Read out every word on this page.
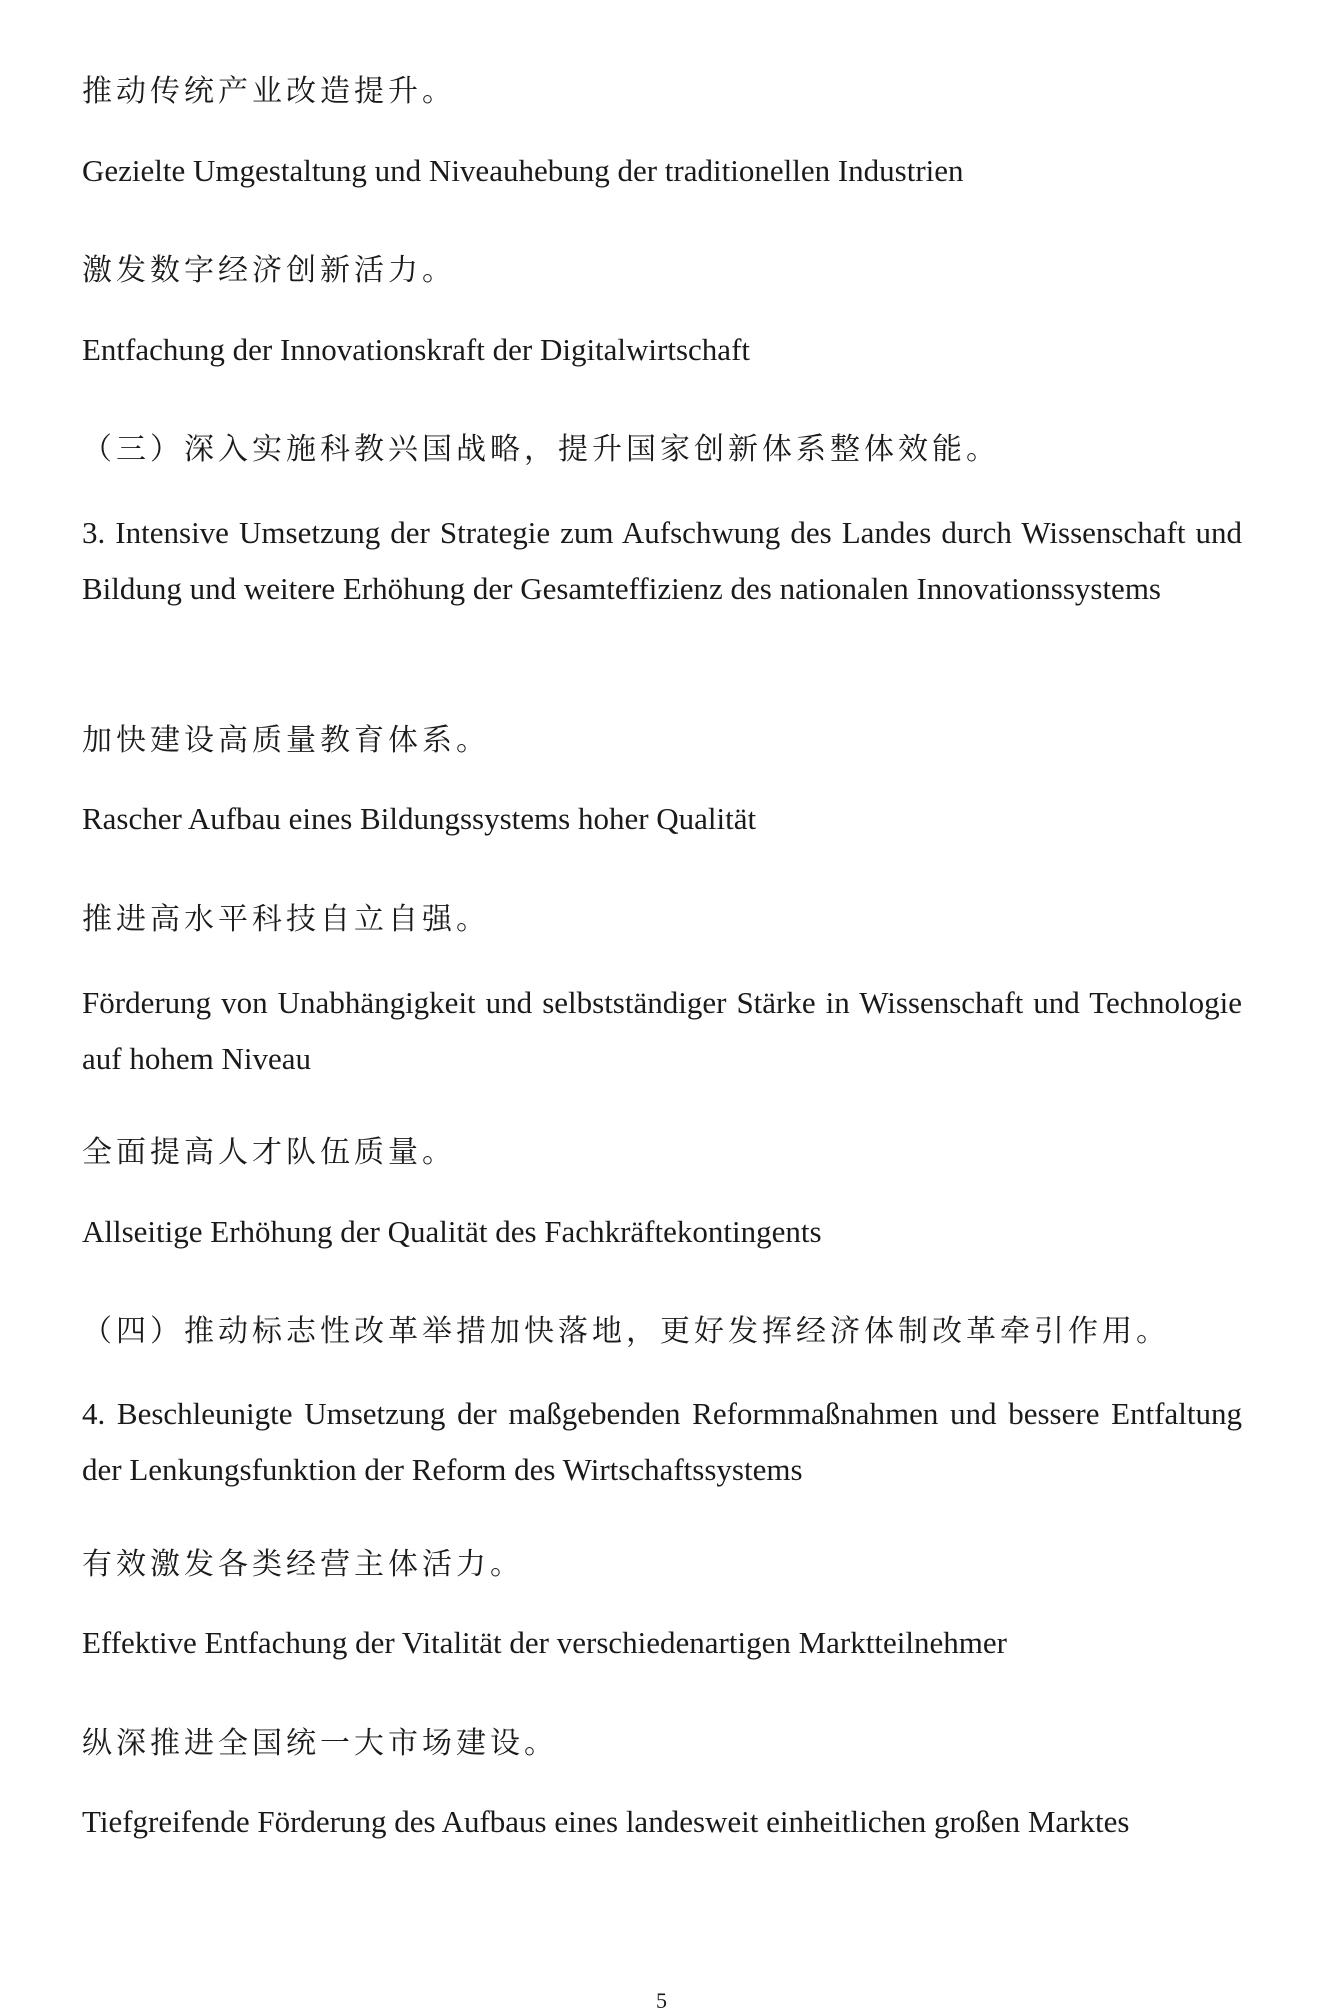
推动传统产业改造提升。

Gezielte Umgestaltung und Niveauhebung der traditionellen Industrien

激发数字经济创新活力。

Entfachung der Innovationskraft der Digitalwirtschaft

（三）深入实施科教兴国战略，提升国家创新体系整体效能。

3. Intensive Umsetzung der Strategie zum Aufschwung des Landes durch Wissenschaft und Bildung und weitere Erhöhung der Gesamteffizienz des nationalen Innovationssystems

加快建设高质量教育体系。

Rascher Aufbau eines Bildungssystems hoher Qualität

推进高水平科技自立自强。

Förderung von Unabhängigkeit und selbstständiger Stärke in Wissenschaft und Technologie auf hohem Niveau

全面提高人才队伍质量。

Allseitige Erhöhung der Qualität des Fachkräftekontingents

（四）推动标志性改革举措加快落地，更好发挥经济体制改革牵引作用。

4. Beschleunigte Umsetzung der maßgebenden Reformmaßnahmen und bessere Entfaltung der Lenkungsfunktion der Reform des Wirtschaftssystems

有效激发各类经营主体活力。

Effektive Entfachung der Vitalität der verschiedenartigen Marktteilnehmer

纵深推进全国统一大市场建设。

Tiefgreifende Förderung des Aufbaus eines landesweit einheitlichen großen Marktes

5
